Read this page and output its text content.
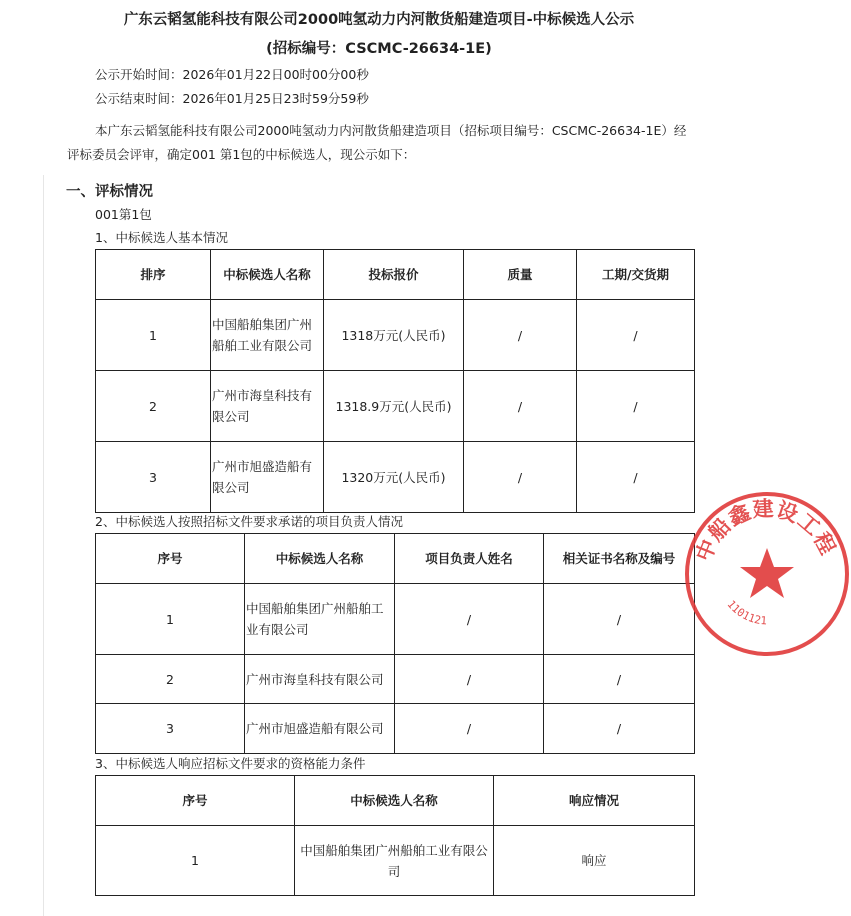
广东云韬氢能科技有限公司2000吨氢动力内河散货船建造项目-中标候选人公示
(招标编号：CSCMC-26634-1E)
公示开始时间：2026年01月22日00时00分00秒
公示结束时间：2026年01月25日23时59分59秒
本广东云韬氢能科技有限公司2000吨氢动力内河散货船建造项目（招标项目编号：CSCMC-26634-1E）经评标委员会评审，确定001 第1包的中标候选人，现公示如下：
一、评标情况
001第1包
1、中标候选人基本情况
排序	中标候选人名称	投标报价	质量	工期/交货期
1	中国船舶集团广州船舶工业有限公司	1318万元(人民币)	/	/
2	广州市海皇科技有限公司	1318.9万元(人民币)	/	/
3	广州市旭盛造船有限公司	1320万元(人民币)	/	/
2、中标候选人按照招标文件要求承诺的项目负责人情况
序号	中标候选人名称	项目负责人姓名	相关证书名称及编号
1	中国船舶集团广州船舶工业有限公司	/	/
2	广州市海皇科技有限公司	/	/
3	广州市旭盛造船有限公司	/	/
3、中标候选人响应招标文件要求的资格能力条件
序号	中标候选人名称	响应情况
1	中国船舶集团广州船舶工业有限公司	响应
中船鑫建设工程
1101121
